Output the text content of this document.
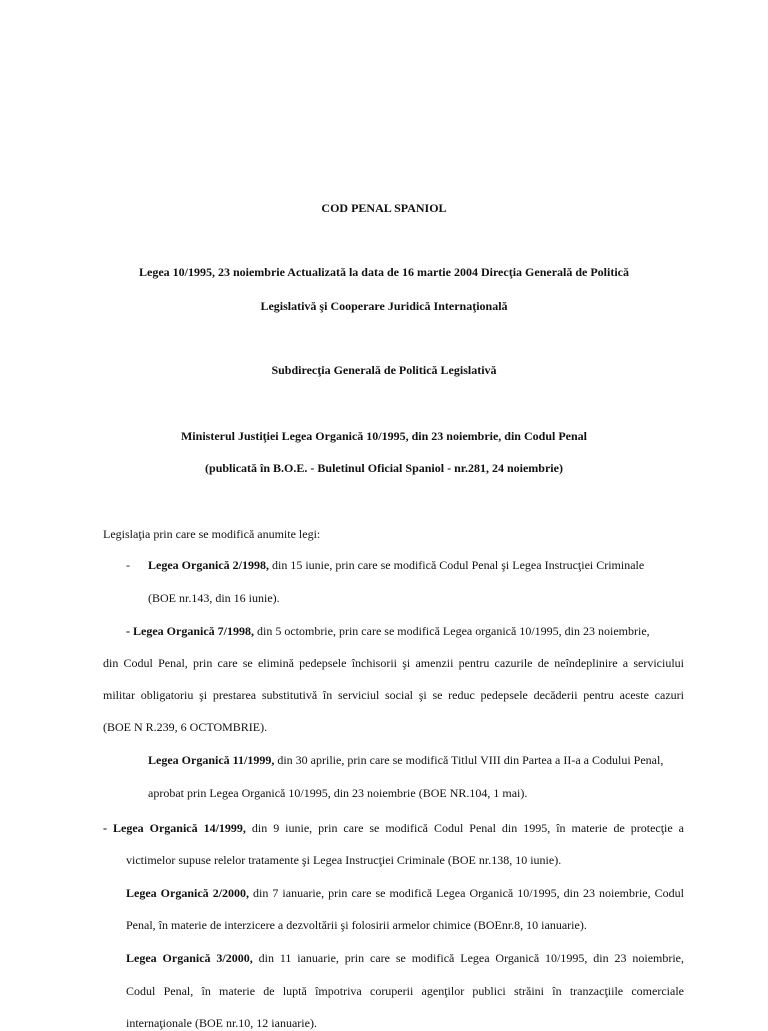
COD PENAL SPANIOL

Legea 10/1995, 23 noiembrie Actualizată la data de 16 martie 2004 Direcţia Generală de Politică

Legislativă şi Cooperare Juridică Internaţională

Subdirecţia Generală de Politică Legislativă

Ministerul Justiţiei Legea Organică 10/1995, din 23 noiembrie, din Codul Penal

(publicată în B.O.E. - Buletinul Oficial Spaniol - nr.281, 24 noiembrie)

Legislaţia prin care se modifică anumite legi:

- Legea Organică 2/1998, din 15 iunie, prin care se modifică Codul Penal şi Legea Instrucţiei Criminale

(BOE nr.143, din 16 iunie).

- Legea Organică 7/1998, din 5 octombrie, prin care se modifică Legea organică 10/1995, din 23 noiembrie,

din Codul Penal, prin care se elimină pedepsele închisorii şi amenzii pentru cazurile de neîndeplinire a serviciului

militar obligatoriu şi prestarea substitutivă în serviciul social şi se reduc pedepsele decăderii pentru aceste cazuri

(BOE N R.239, 6 OCTOMBRIE).

Legea Organică 11/1999, din 30 aprilie, prin care se modifică Titlul VIII din Partea a II-a a Codului Penal,

aprobat prin Legea Organică 10/1995, din 23 noiembrie (BOE NR.104, 1 mai).

- Legea Organică 14/1999, din 9 iunie, prin care se modifică Codul Penal din 1995, în materie de protecţie a

victimelor supuse relelor tratamente şi Legea Instrucţiei Criminale (BOE nr.138, 10 iunie).

Legea Organică 2/2000, din 7 ianuarie, prin care se modifică Legea Organică 10/1995, din 23 noiembrie, Codul

Penal, în materie de interzicere a dezvoltării şi folosirii armelor chimice (BOEnr.8, 10 ianuarie).

Legea Organică 3/2000, din 11 ianuarie, prin care se modifică Legea Organică 10/1995, din 23 noiembrie,

Codul Penal, în materie de luptă împotriva coruperii agenţilor publici străini în tranzacţiile comerciale

internaţionale (BOE nr.10, 12 ianuarie).
